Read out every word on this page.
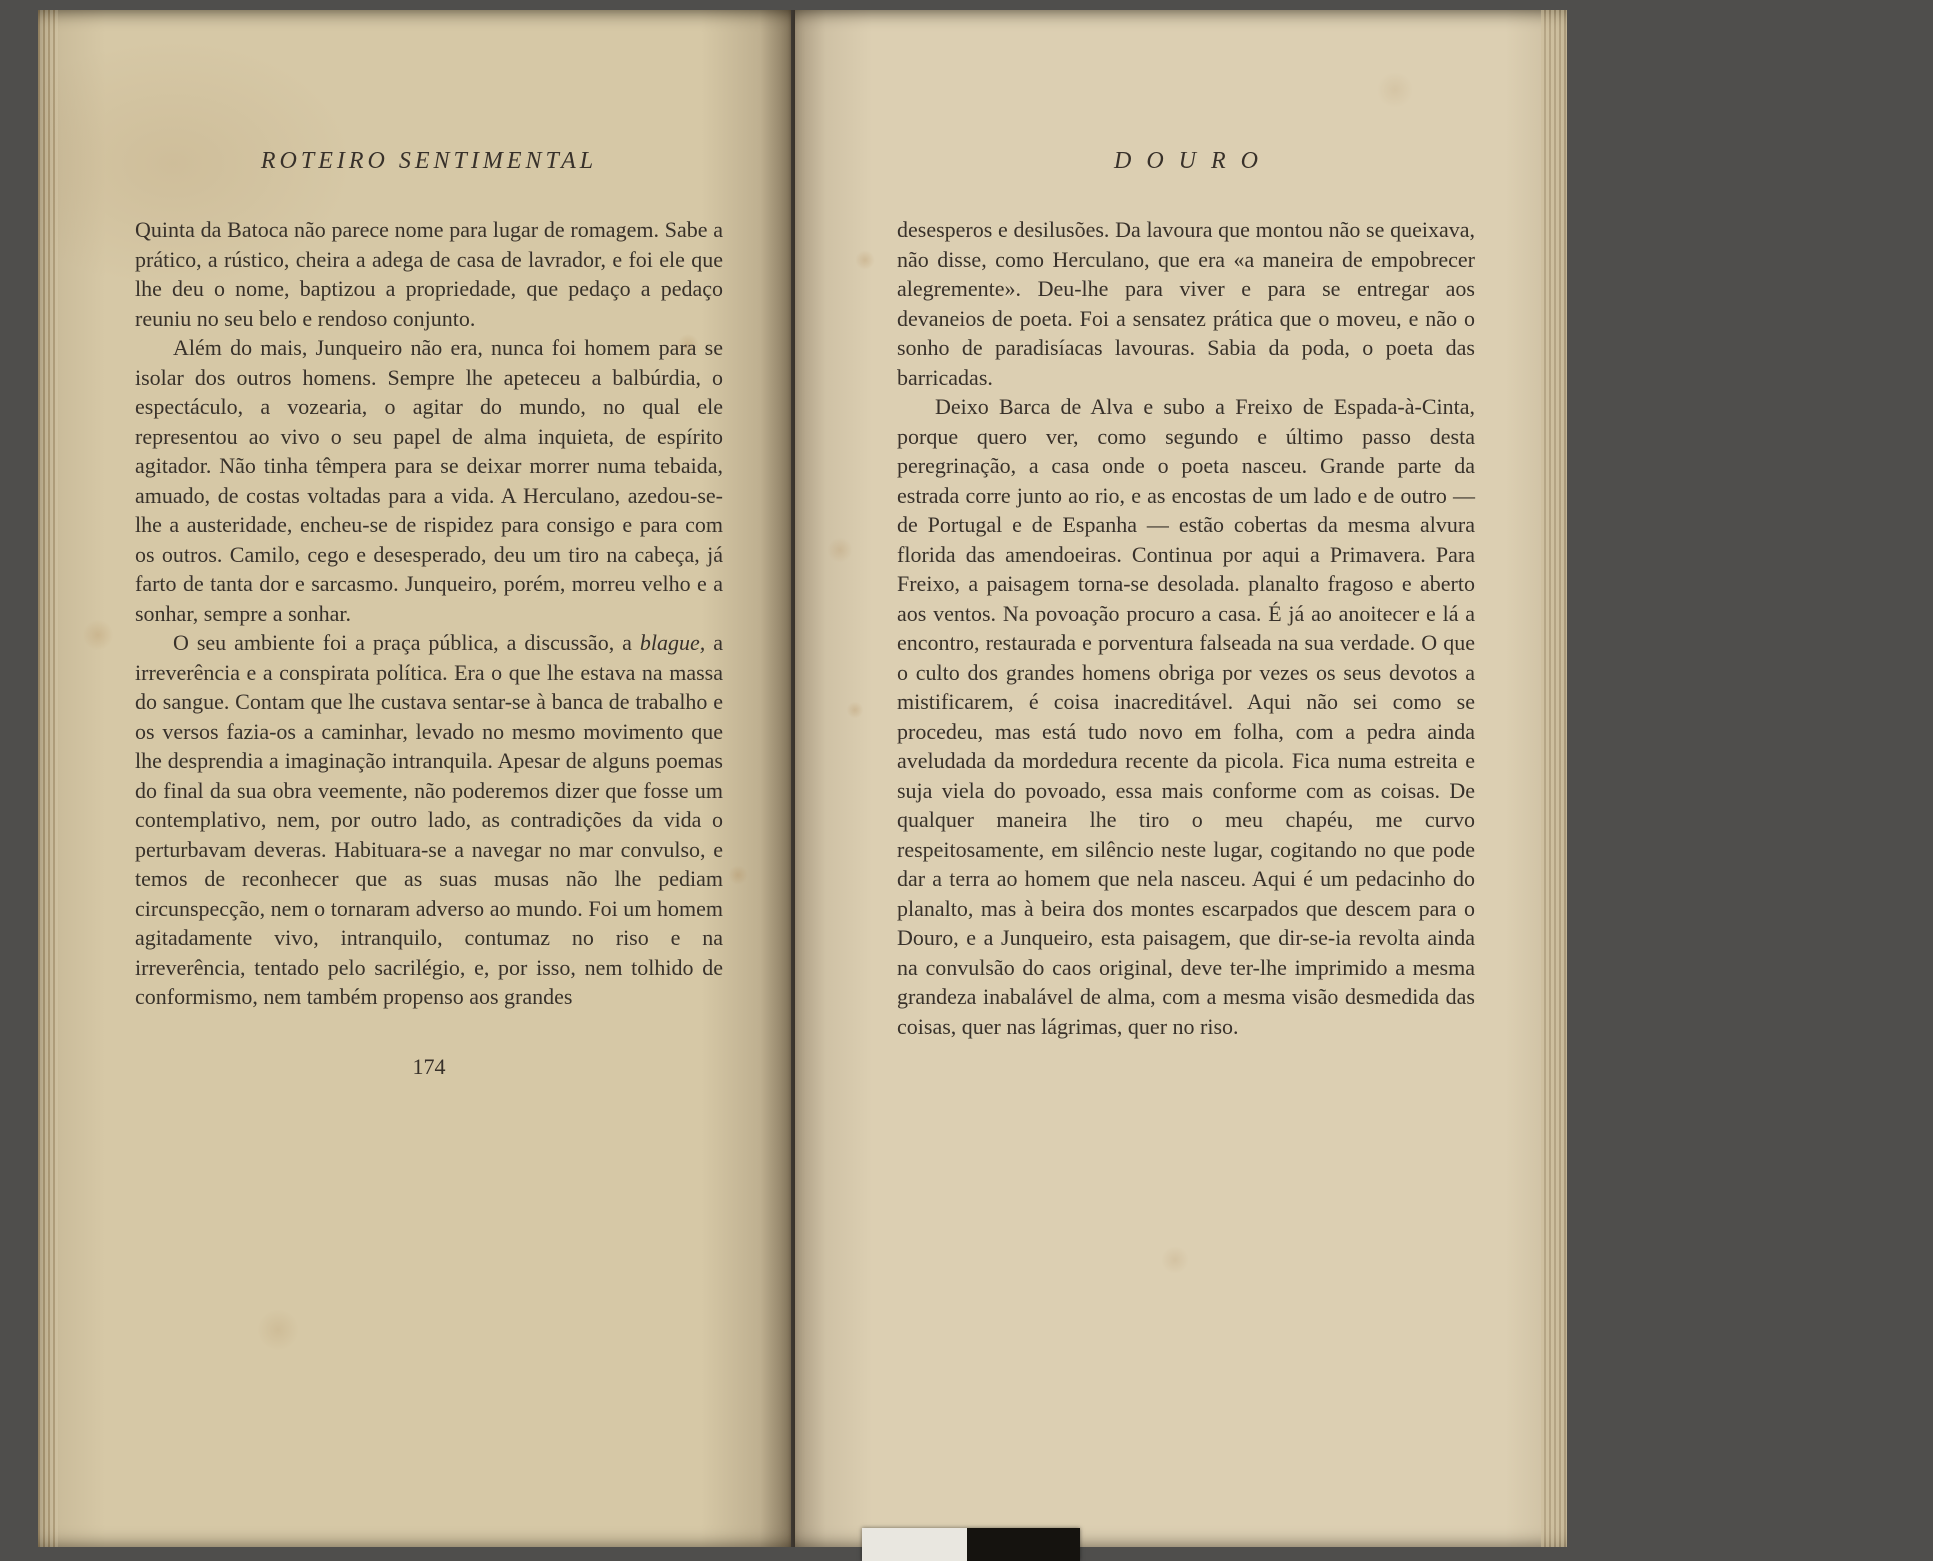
ROTEIRO SENTIMENTAL

Quinta da Batoca não parece nome para lugar de romagem. Sabe a prático, a rústico, cheira a adega de casa de lavrador, e foi ele que lhe deu o nome, baptizou a propriedade, que pedaço a pedaço reuniu no seu belo e rendoso conjunto.

Além do mais, Junqueiro não era, nunca foi homem para se isolar dos outros homens. Sempre lhe apeteceu a balbúrdia, o espectáculo, a vozearia, o agitar do mundo, no qual ele representou ao vivo o seu papel de alma inquieta, de espírito agitador. Não tinha têmpera para se deixar morrer numa tebaida, amuado, de costas voltadas para a vida. A Herculano, azedou-se-lhe a austeridade, encheu-se de rispidez para consigo e para com os outros. Camilo, cego e desesperado, deu um tiro na cabeça, já farto de tanta dor e sarcasmo. Junqueiro, porém, morreu velho e a sonhar, sempre a sonhar.

O seu ambiente foi a praça pública, a discussão, a blague, a irreverência e a conspirata política. Era o que lhe estava na massa do sangue. Contam que lhe custava sentar-se à banca de trabalho e os versos fazia-os a caminhar, levado no mesmo movimento que lhe desprendia a imaginação intranquila. Apesar de alguns poemas do final da sua obra veemente, não poderemos dizer que fosse um contemplativo, nem, por outro lado, as contradições da vida o perturbavam deveras. Habituara-se a navegar no mar convulso, e temos de reconhecer que as suas musas não lhe pediam circunspecção, nem o tornaram adverso ao mundo. Foi um homem agitadamente vivo, intranquilo, contumaz no riso e na irreverência, tentado pelo sacrilégio, e, por isso, nem tolhido de conformismo, nem também propenso aos grandes

174
DOURO

desesperos e desilusões. Da lavoura que montou não se queixava, não disse, como Herculano, que era «a maneira de empobrecer alegremente». Deu-lhe para viver e para se entregar aos devaneios de poeta. Foi a sensatez prática que o moveu, e não o sonho de paradisíacas lavouras. Sabia da poda, o poeta das barricadas.

Deixo Barca de Alva e subo a Freixo de Espada-à-Cinta, porque quero ver, como segundo e último passo desta peregrinação, a casa onde o poeta nasceu. Grande parte da estrada corre junto ao rio, e as encostas de um lado e de outro — de Portugal e de Espanha — estão cobertas da mesma alvura florida das amendoeiras. Continua por aqui a Primavera. Para Freixo, a paisagem torna-se desolada. planalto fragoso e aberto aos ventos. Na povoação procuro a casa. É já ao anoitecer e lá a encontro, restaurada e porventura falseada na sua verdade. O que o culto dos grandes homens obriga por vezes os seus devotos a mistificarem, é coisa inacreditável. Aqui não sei como se procedeu, mas está tudo novo em folha, com a pedra ainda aveludada da mordedura recente da picola. Fica numa estreita e suja viela do povoado, essa mais conforme com as coisas. De qualquer maneira lhe tiro o meu chapéu, me curvo respeitosamente, em silêncio neste lugar, cogitando no que pode dar a terra ao homem que nela nasceu. Aqui é um pedacinho do planalto, mas à beira dos montes escarpados que descem para o Douro, e a Junqueiro, esta paisagem, que dir-se-ia revolta ainda na convulsão do caos original, deve ter-lhe imprimido a mesma grandeza inabalável de alma, com a mesma visão desmedida das coisas, quer nas lágrimas, quer no riso.
